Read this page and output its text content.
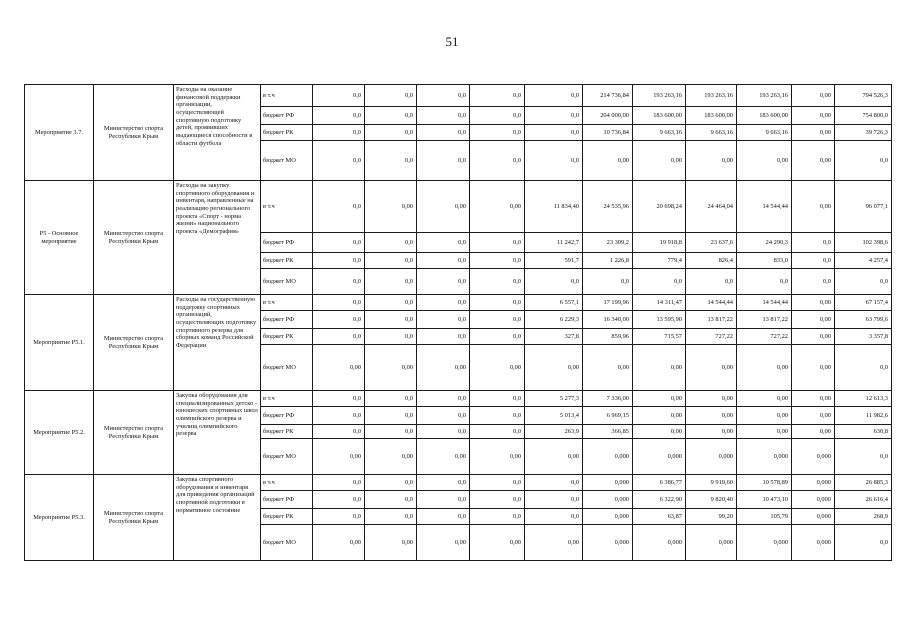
51
Мероприятие 3.7.	Министерство спорта Республики Крым	Расходы на оказание финансовой поддержки организации, осуществляющей спортивную подготовку детей, проявивших выдающиеся способности в области футбола	в т.ч	0,0	0,0	0,0	0,0	0,0	214 736,84	193 263,16	193 263,16	193 263,16	0,00	794 526,3
			бюджет РФ	0,0	0,0	0,0	0,0	0,0	204 000,00	183 600,00	183 600,00	183 600,00	0,00	754 800,0
			бюджет РК	0,0	0,0	0,0	0,0	0,0	10 736,84	9 663,16	9 663,16	9 663,16	0,00	39 726,3
			бюджет МО	0,0	0,0	0,0	0,0	0,0	0,00	0,00	0,00	0,00	0,00	0,0
Р5 - Основное мероприятие	Министерство спорта Республики Крым	Расходы на закупку спортивного оборудования и инвентаря, направленные на реализацию регионального проекта «Спорт - норма жизни» национального проекта «Демография»	в т.ч	0,0	0,00	0,00	0,00	11 834,40	24 535,96	20 698,24	24 464,04	14 544,44	0,00	96 077,1
			бюджет РФ	0,0	0,0	0,0	0,0	11 242,7	23 309,2	19 918,8	23 637,6	24 290,3	0,0	102 398,6
			бюджет РК	0,0	0,0	0,0	0,0	591,7	1 226,8	779,4	826,4	833,0	0,0	4 257,4
			бюджет МО	0,0	0,0	0,0	0,0	0,0	0,0	0,0	0,0	0,0	0,0	0,0
Мероприятие Р5.1.	Министерство спорта Республики Крым	Расходы на государственную поддержку спортивных организаций, осуществляющих подготовку спортивного резерва для сборных команд Российской Федерации	в т.ч	0,0	0,0	0,0	0,0	6 557,1	17 199,96	14 311,47	14 544,44	14 544,44	0,00	67 157,4
			бюджет РФ	0,0	0,0	0,0	0,0	6 229,3	16 340,00	13 595,90	13 817,22	13 817,22	0,00	63 799,6
			бюджет РК	0,0	0,0	0,0	0,0	327,8	859,96	715,57	727,22	727,22	0,00	3 357,8
			бюджет МО	0,00	0,00	0,00	0,00	0,00	0,00	0,00	0,00	0,00	0,00	0,0
Мероприятие Р5.2.	Министерство спорта Республики Крым	Закупка оборудования для специализированных детско - юношеских спортивных школ олимпийского резерва и училищ олимпийского резерва	в т.ч	0,0	0,0	0,0	0,0	5 277,3	7 336,00	0,00	0,00	0,00	0,00	12 613,3
			бюджет РФ	0,0	0,0	0,0	0,0	5 013,4	6 969,15	0,00	0,00	0,00	0,00	11 982,6
			бюджет РК	0,0	0,0	0,0	0,0	263,9	366,85	0,00	0,00	0,00	0,00	630,8
			бюджет МО	0,00	0,00	0,00	0,00	0,00	0,000	0,000	0,000	0,000	0,000	0,0
Мероприятие Р5.3.	Министерство спорта Республики Крым	Закупка спортивного оборудования и инвентаря для приведения организаций спортивной подготовки в нормативное состояние	в т.ч	0,0	0,0	0,0	0,0	0,0	0,000	6 386,77	9 919,60	10 578,89	0,000	26 885,3
			бюджет РФ	0,0	0,0	0,0	0,0	0,0	0,000	6 322,90	9 820,40	10 473,10	0,000	26 616,4
			бюджет РК	0,0	0,0	0,0	0,0	0,0	0,000	63,87	99,20	105,79	0,000	268,9
			бюджет МО	0,00	0,00	0,00	0,00	0,00	0,000	0,000	0,000	0,000	0,000	0,0
